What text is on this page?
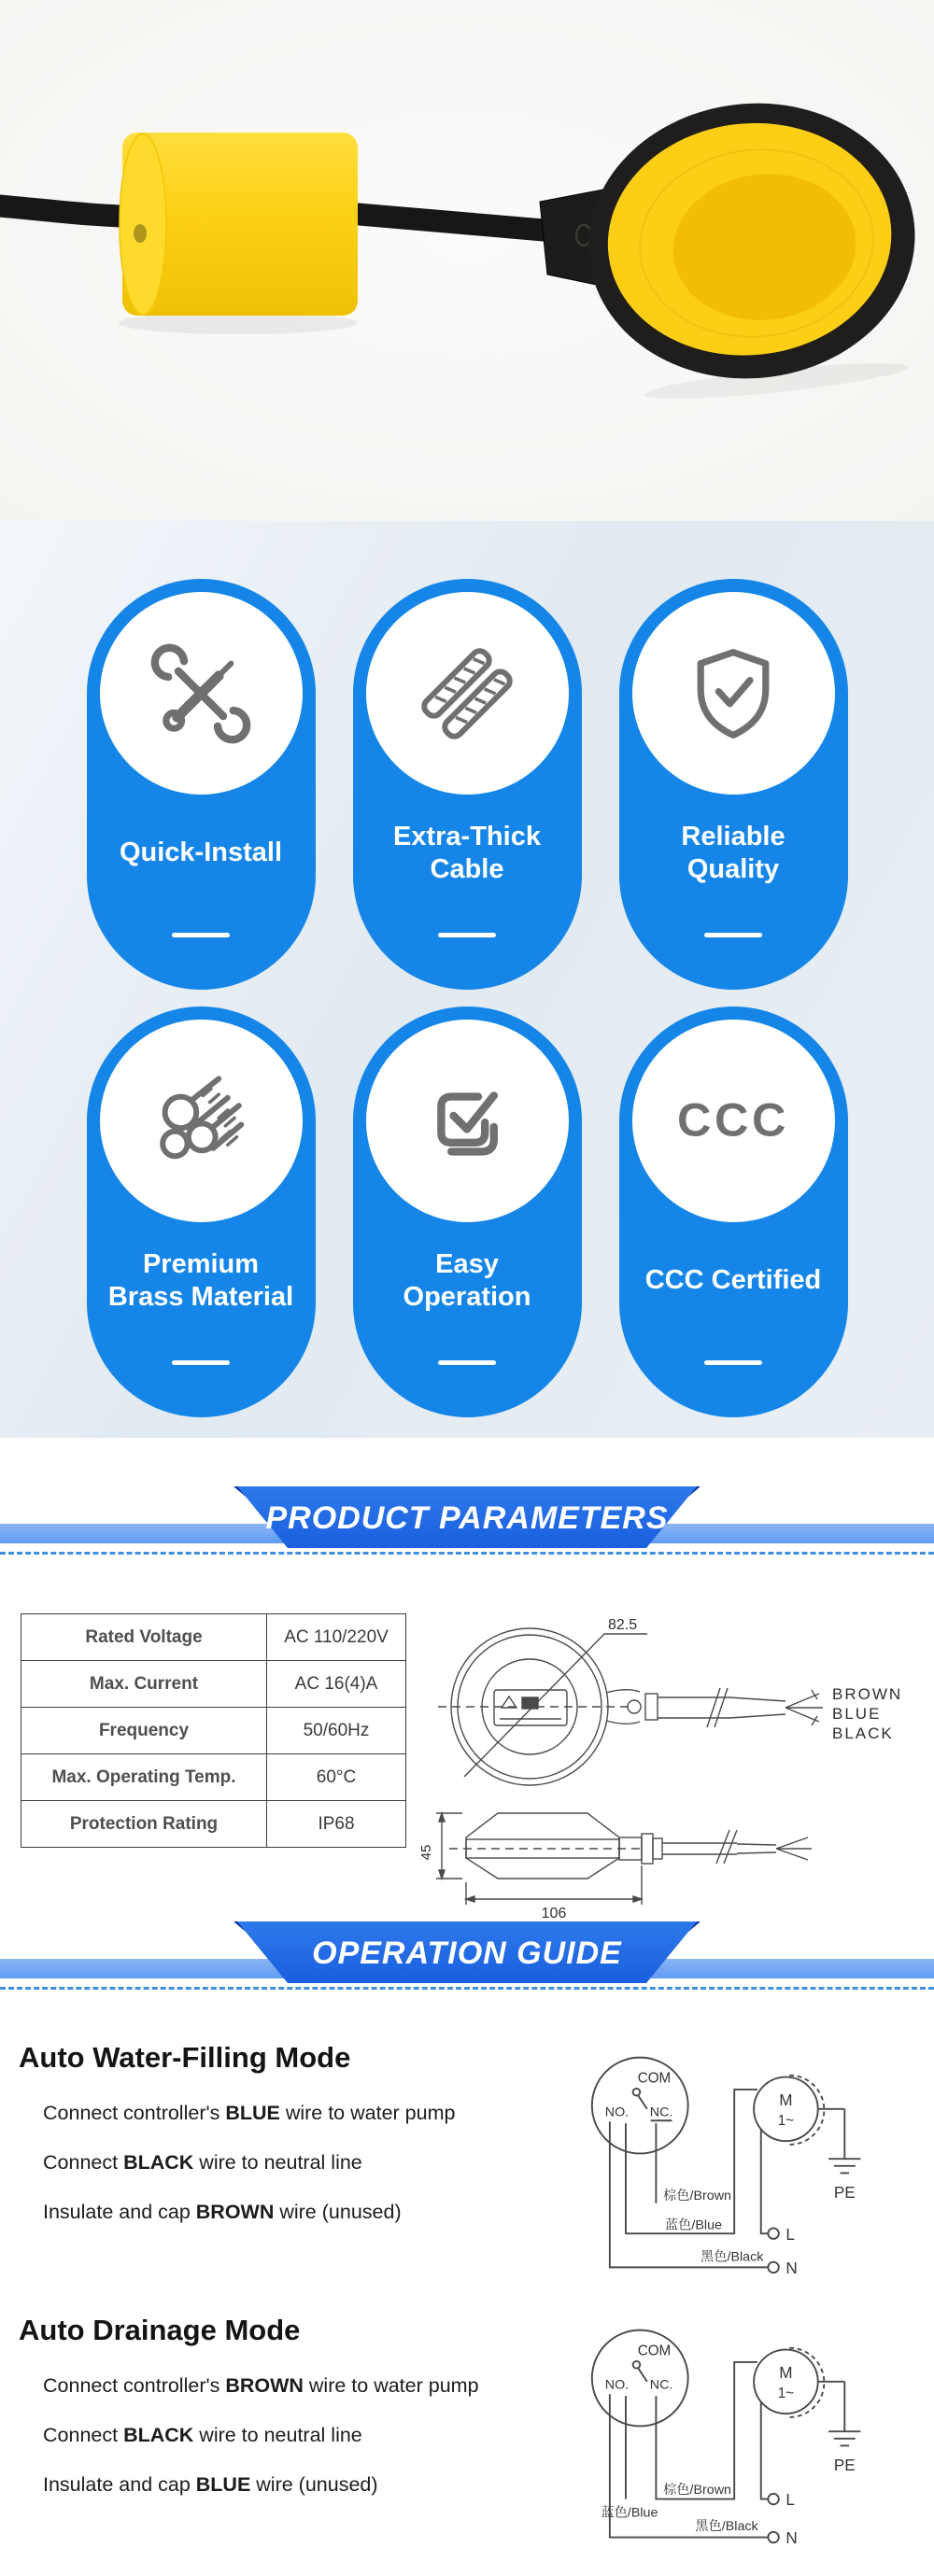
Quick-Install
Extra-Thick Cable
Reliable Quality
Premium Brass Material
Easy Operation
CCC
CCC Certified
PRODUCT PARAMETERS
Rated Voltage	AC 110/220V
Max. Current	AC 16(4)A
Frequency	50/60Hz
Max. Operating Temp.	60°C
Protection Rating	IP68
82.5
45
106
BROWN
BLUE
BLACK
OPERATION GUIDE
Auto Water-Filling Mode

Connect controller's BLUE wire to water pump

Connect BLACK wire to neutral line

Insulate and cap BROWN wire (unused)

COM
NO. NC.
棕色/Brown
蓝色/Blue
黑色/Black
M
1~
PE
L
N
Auto Drainage Mode

Connect controller's BROWN wire to water pump

Connect BLACK wire to neutral line

Insulate and cap BLUE wire (unused)

COM
NO. NC.
棕色/Brown
蓝色/Blue
黑色/Black
M
1~
PE
L
N
